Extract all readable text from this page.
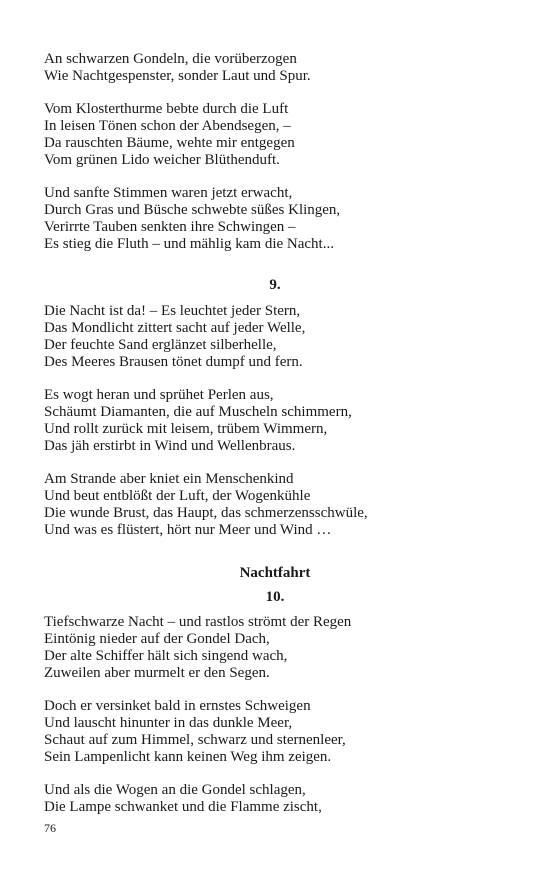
An schwarzen Gondeln, die vorüberzogen
Wie Nachtgespenster, sonder Laut und Spur.
Vom Klosterthurme bebte durch die Luft
In leisen Tönen schon der Abendsegen, –
Da rauschten Bäume, wehte mir entgegen
Vom grünen Lido weicher Blüthenduft.
Und sanfte Stimmen waren jetzt erwacht,
Durch Gras und Büsche schwebte süßes Klingen,
Verirrte Tauben senkten ihre Schwingen –
Es stieg die Fluth – und mählig kam die Nacht...
9.
Die Nacht ist da! – Es leuchtet jeder Stern,
Das Mondlicht zittert sacht auf jeder Welle,
Der feuchte Sand erglänzet silberhelle,
Des Meeres Brausen tönet dumpf und fern.
Es wogt heran und sprühet Perlen aus,
Schäumt Diamanten, die auf Muscheln schimmern,
Und rollt zurück mit leisem, trübem Wimmern,
Das jäh erstirbt in Wind und Wellenbraus.
Am Strande aber kniet ein Menschenkind
Und beut entblößt der Luft, der Wogenkühle
Die wunde Brust, das Haupt, das schmerzensschwüle,
Und was es flüstert, hört nur Meer und Wind …
Nachtfahrt
10.
Tiefschwarze Nacht – und rastlos strömt der Regen
Eintönig nieder auf der Gondel Dach,
Der alte Schiffer hält sich singend wach,
Zuweilen aber murmelt er den Segen.
Doch er versinket bald in ernstes Schweigen
Und lauscht hinunter in das dunkle Meer,
Schaut auf zum Himmel, schwarz und sternenleer,
Sein Lampenlicht kann keinen Weg ihm zeigen.
Und als die Wogen an die Gondel schlagen,
Die Lampe schwanket und die Flamme zischt,
76
